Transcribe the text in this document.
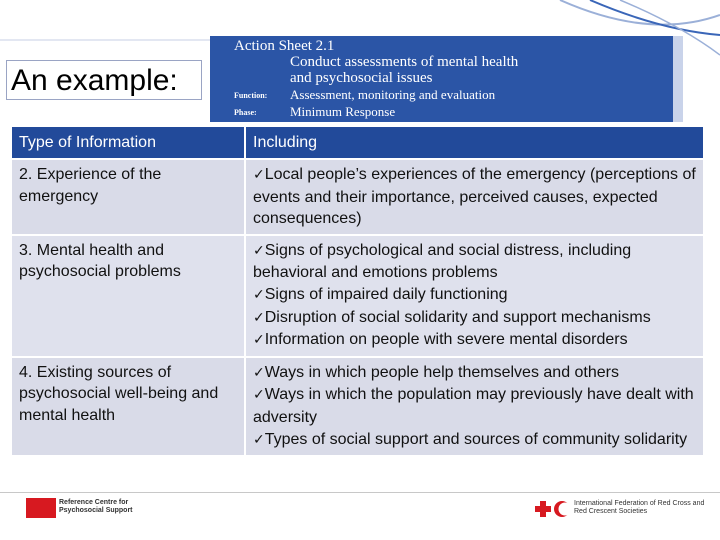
An example:
Action Sheet 2.1
Conduct assessments of mental health
and psychosocial issues
Function: Assessment, monitoring and evaluation
Phase:	Minimum Response
Type of Information	Including
2. Experience of the emergency	✓Local people’s experiences of the emergency (perceptions of events and their importance, perceived causes, expected consequences)

3. Mental health and psychosocial problems	✓Signs of psychological and social distress, including behavioral and emotions problems
✓Signs of impaired daily functioning
✓Disruption of social solidarity and support mechanisms
✓Information on people with severe mental disorders

4. Existing sources of psychosocial well-being and mental health	✓Ways in which people help themselves and others
✓Ways in which the population may previously have dealt with adversity
✓Types of social support and sources of community solidarity
Reference Centre for Psychosocial Support
International Federation of Red Cross and Red Crescent Societies
